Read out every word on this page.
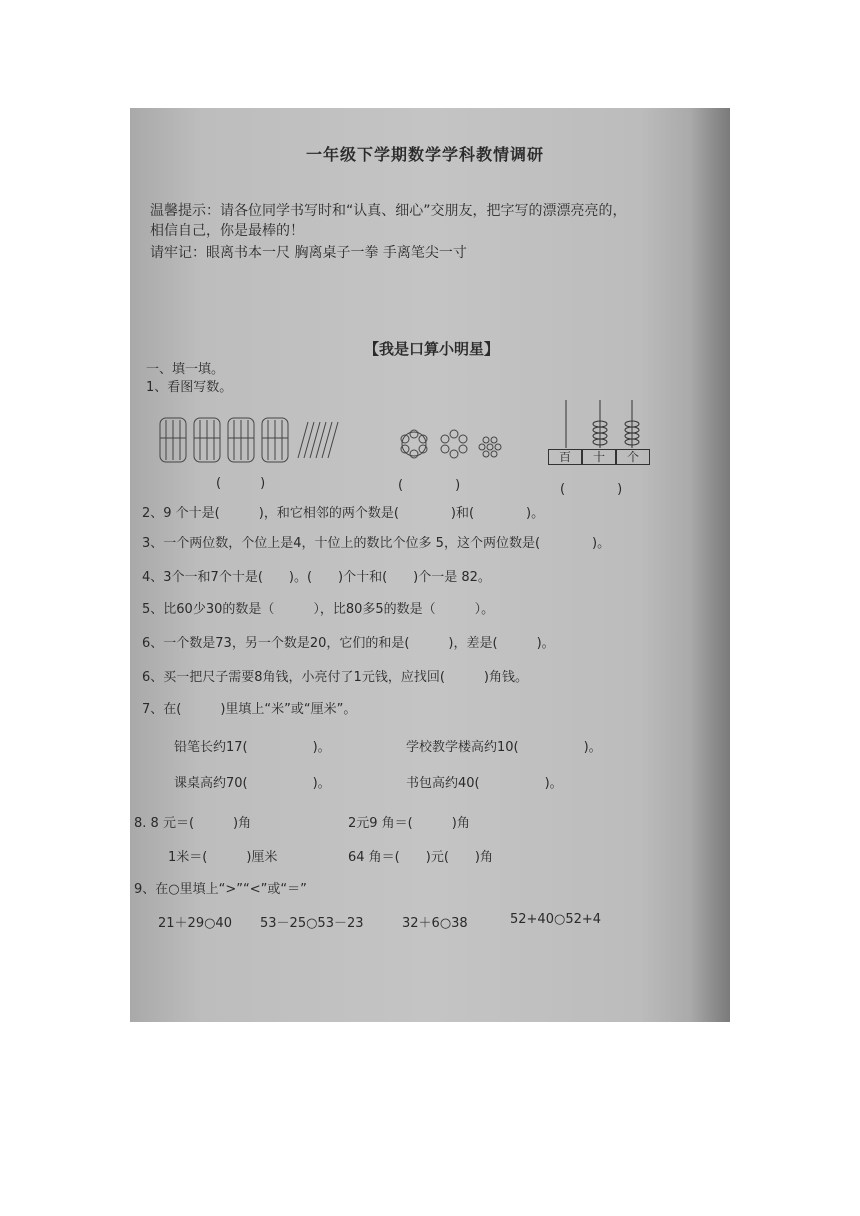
一年级下学期数学学科教情调研
温馨提示：请各位同学书写时和“认真、细心”交朋友，把字写的漂漂亮亮的，
相信自己，你是最棒的！
请牢记：眼离书本一尺 胸离桌子一拳 手离笔尖一寸
【我是口算小明星】
一、填一填。
1、看图写数。
百	十	个
(　　　)	(　　　　)	(　　　　)
2、9 个十是(　　　)，和它相邻的两个数是(　　　　)和(　　　　)。
3、一个两位数，个位上是4，十位上的数比个位多 5，这个两位数是(　　　　)。
4、3个一和7个十是(　　)。(　　)个十和(　　)个一是 82。
5、比60少30的数是（　　　），比80多5的数是（　　　）。
6、一个数是73，另一个数是20，它们的和是(　　　)，差是(　　　)。
6、买一把尺子需要8角钱，小亮付了1元钱，应找回(　　　)角钱。
7、在(　　　)里填上“米”或“厘米”。
铅笔长约17(　　　　　)。	学校教学楼高约10(　　　　　)。
课桌高约70(　　　　　)。	书包高约40(　　　　　)。
8. 8 元＝(　　　)角	2元9 角＝(　　　)角
1米＝(　　　)厘米	64 角＝(　　)元(　　)角
9、在○里填上“>”“<”或“＝”
21＋29○40 53－25○53－23	32＋6○38	52+40○52+4
